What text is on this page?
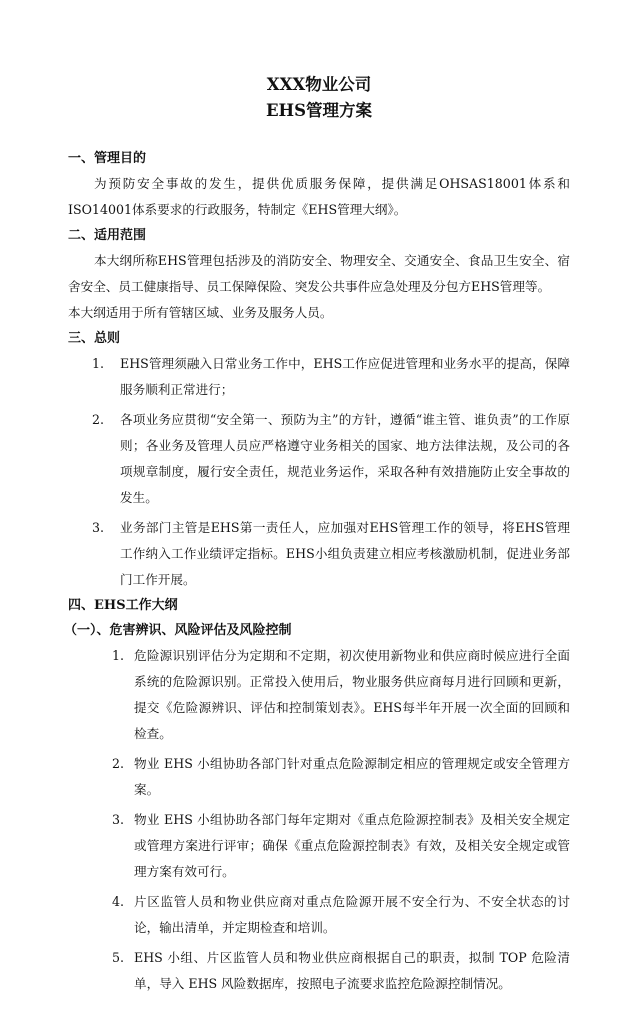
XXX物业公司
EHS管理方案
一、管理目的
为预防安全事故的发生，提供优质服务保障，提供满足OHSAS18001体系和ISO14001体系要求的行政服务，特制定《EHS管理大纲》。
二、适用范围
本大纲所称EHS管理包括涉及的消防安全、物理安全、交通安全、食品卫生安全、宿舍安全、员工健康指导、员工保障保险、突发公共事件应急处理及分包方EHS管理等。
本大纲适用于所有管辖区域、业务及服务人员。
三、总则
1. EHS管理须融入日常业务工作中，EHS工作应促进管理和业务水平的提高，保障服务顺利正常进行；
2. 各项业务应贯彻“安全第一、预防为主”的方针，遵循“谁主管、谁负责”的工作原则；各业务及管理人员应严格遵守业务相关的国家、地方法律法规，及公司的各项规章制度，履行安全责任，规范业务运作，采取各种有效措施防止安全事故的发生。
3. 业务部门主管是EHS第一责任人，应加强对EHS管理工作的领导，将EHS管理工作纳入工作业绩评定指标。EHS小组负责建立相应考核激励机制，促进业务部门工作开展。
四、EHS工作大纲
（一）、危害辨识、风险评估及风险控制
1. 危险源识别评估分为定期和不定期，初次使用新物业和供应商时候应进行全面系统的危险源识别。正常投入使用后，物业服务供应商每月进行回顾和更新，提交《危险源辨识、评估和控制策划表》。EHS每半年开展一次全面的回顾和检查。
2. 物业 EHS 小组协助各部门针对重点危险源制定相应的管理规定或安全管理方案。
3. 物业 EHS 小组协助各部门每年定期对《重点危险源控制表》及相关安全规定或管理方案进行评审；确保《重点危险源控制表》有效，及相关安全规定或管理方案有效可行。
4. 片区监管人员和物业供应商对重点危险源开展不安全行为、不安全状态的讨论，输出清单，并定期检查和培训。
5. EHS 小组、片区监管人员和物业供应商根据自己的职责，拟制 TOP 危险清单，导入 EHS 风险数据库，按照电子流要求监控危险源控制情况。
